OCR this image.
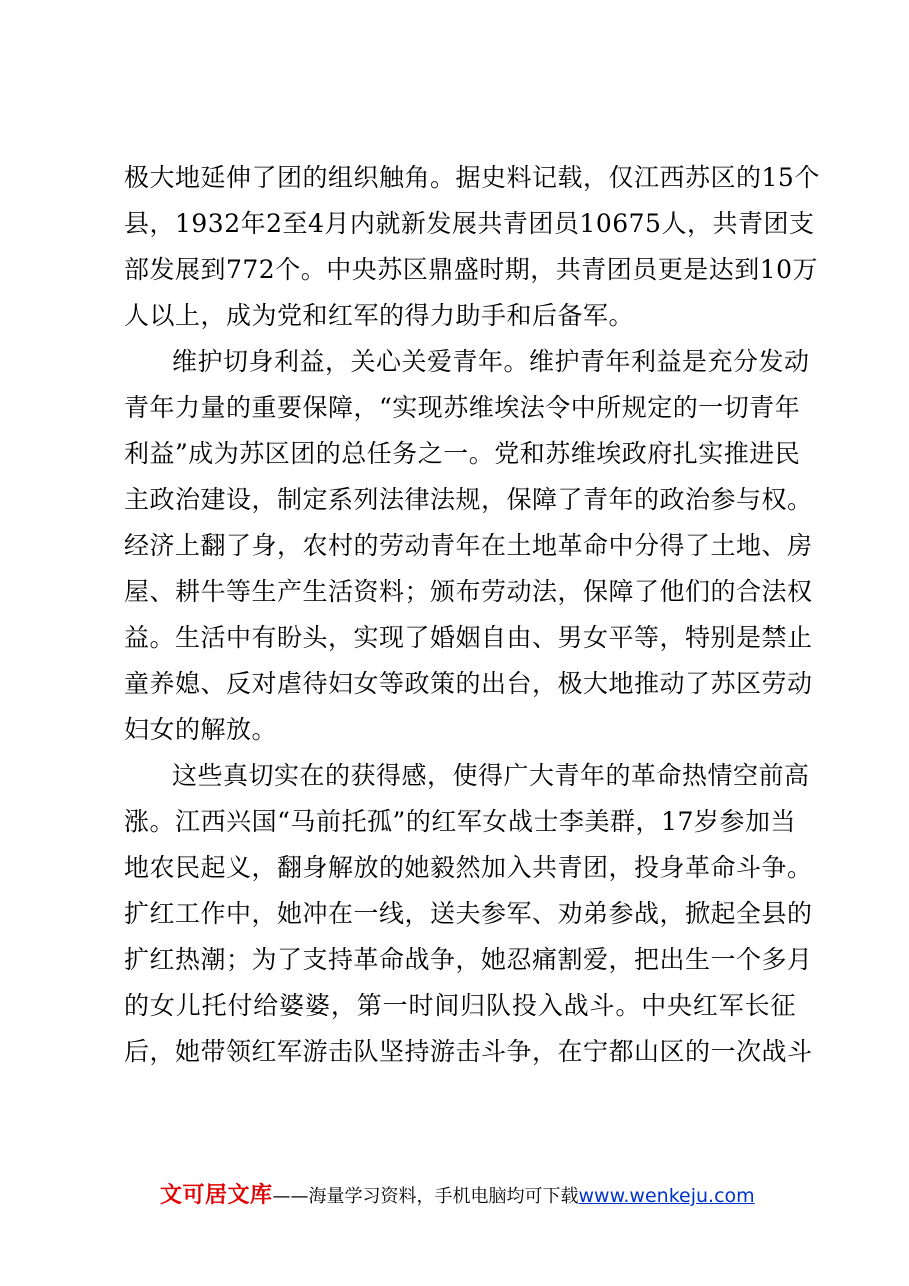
极大地延伸了团的组织触角。据史料记载，仅江西苏区的15个
县，1932年2至4月内就新发展共青团员10675人，共青团支
部发展到772个。中央苏区鼎盛时期，共青团员更是达到10万
人以上，成为党和红军的得力助手和后备军。
维护切身利益，关心关爱青年。维护青年利益是充分发动
青年力量的重要保障，“实现苏维埃法令中所规定的一切青年
利益”成为苏区团的总任务之一。党和苏维埃政府扎实推进民
主政治建设，制定系列法律法规，保障了青年的政治参与权。
经济上翻了身，农村的劳动青年在土地革命中分得了土地、房
屋、耕牛等生产生活资料；颁布劳动法，保障了他们的合法权
益。生活中有盼头，实现了婚姻自由、男女平等，特别是禁止
童养媳、反对虐待妇女等政策的出台，极大地推动了苏区劳动
妇女的解放。
这些真切实在的获得感，使得广大青年的革命热情空前高
涨。江西兴国“马前托孤”的红军女战士李美群，17岁参加当
地农民起义，翻身解放的她毅然加入共青团，投身革命斗争。
扩红工作中，她冲在一线，送夫参军、劝弟参战，掀起全县的
扩红热潮；为了支持革命战争，她忍痛割爱，把出生一个多月
的女儿托付给婆婆，第一时间归队投入战斗。中央红军长征
后，她带领红军游击队坚持游击斗争，在宁都山区的一次战斗
文可居文库——海量学习资料，手机电脑均可下载www.wenkeju.com
